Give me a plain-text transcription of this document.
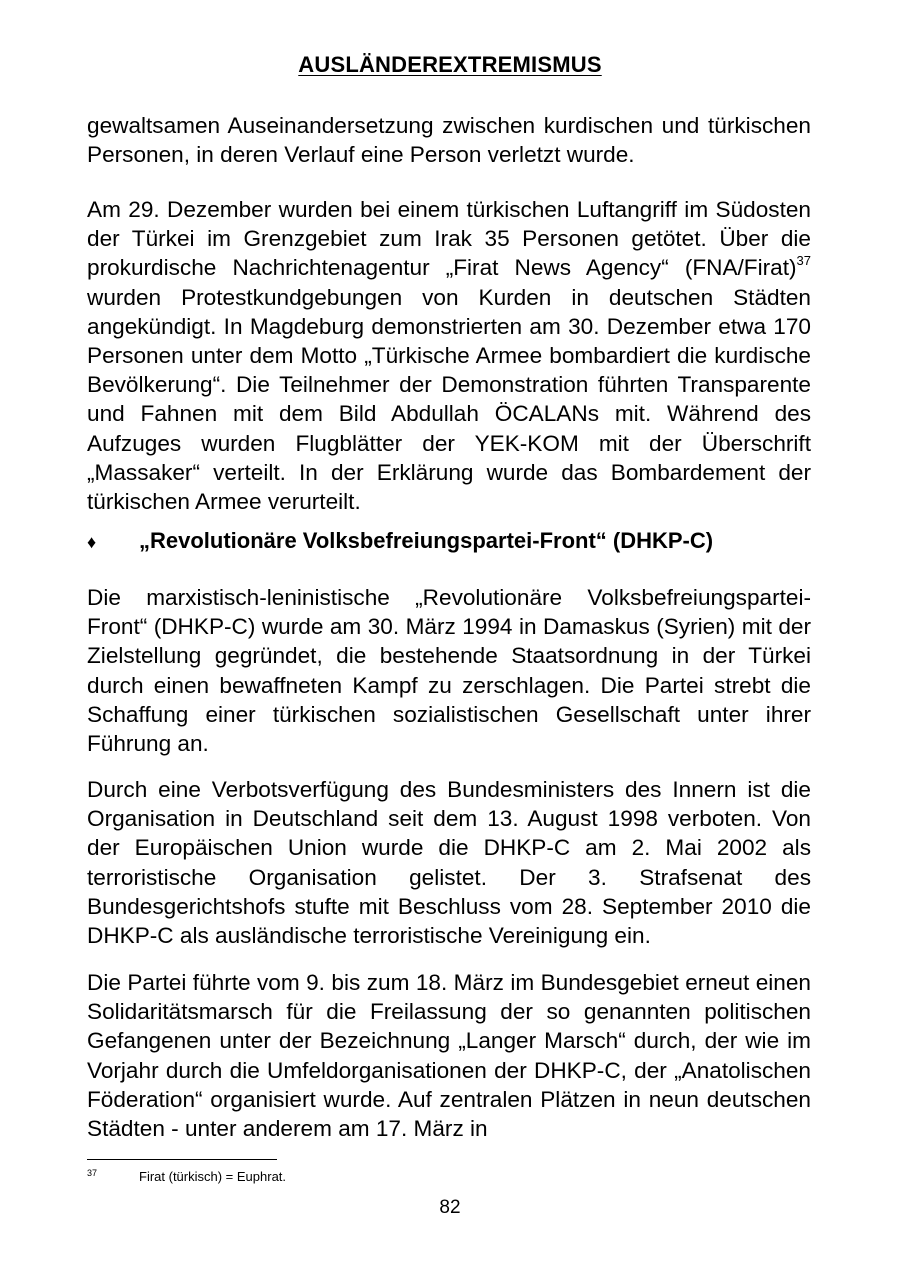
AUSLÄNDEREXTREMISMUS

gewaltsamen Auseinandersetzung zwischen kurdischen und türkischen Personen, in deren Verlauf eine Person verletzt wurde.

Am 29. Dezember wurden bei einem türkischen Luftangriff im Südosten der Türkei im Grenzgebiet zum Irak 35 Personen getötet. Über die prokurdische Nachrichtenagentur „Firat News Agency“ (FNA/Firat)$^{37}$ wurden Protestkundgebungen von Kurden in deutschen Städten angekündigt. In Magdeburg demonstrierten am 30. Dezember etwa 170 Personen unter dem Motto „Türkische Armee bombardiert die kurdische Bevölkerung“. Die Teilnehmer der Demonstration führten Transparente und Fahnen mit dem Bild Abdullah ÖCALANs mit. Während des Aufzuges wurden Flugblätter der YEK-KOM mit der Überschrift „Massaker“ verteilt. In der Erklärung wurde das Bombardement der türkischen Armee verurteilt.

♦ „Revolutionäre Volksbefreiungspartei-Front“ (DHKP-C)

Die marxistisch-leninistische „Revolutionäre Volksbefreiungspartei-Front“ (DHKP-C) wurde am 30. März 1994 in Damaskus (Syrien) mit der Zielstellung gegründet, die bestehende Staatsordnung in der Türkei durch einen bewaffneten Kampf zu zerschlagen. Die Partei strebt die Schaffung einer türkischen sozialistischen Gesellschaft unter ihrer Führung an.

Durch eine Verbotsverfügung des Bundesministers des Innern ist die Organisation in Deutschland seit dem 13. August 1998 verboten. Von der Europäischen Union wurde die DHKP-C am 2. Mai 2002 als terroristische Organisation gelistet. Der 3. Strafsenat des Bundesgerichtshofs stufte mit Beschluss vom 28. September 2010 die DHKP-C als ausländische terroristische Vereinigung ein.

Die Partei führte vom 9. bis zum 18. März im Bundesgebiet erneut einen Solidaritätsmarsch für die Freilassung der so genannten politischen Gefangenen unter der Bezeichnung „Langer Marsch“ durch, der wie im Vorjahr durch die Umfeldorganisationen der DHKP-C, der „Anatolischen Föderation“ organisiert wurde. Auf zentralen Plätzen in neun deutschen Städten - unter anderem am 17. März in

37	Firat (türkisch) = Euphrat.
82
